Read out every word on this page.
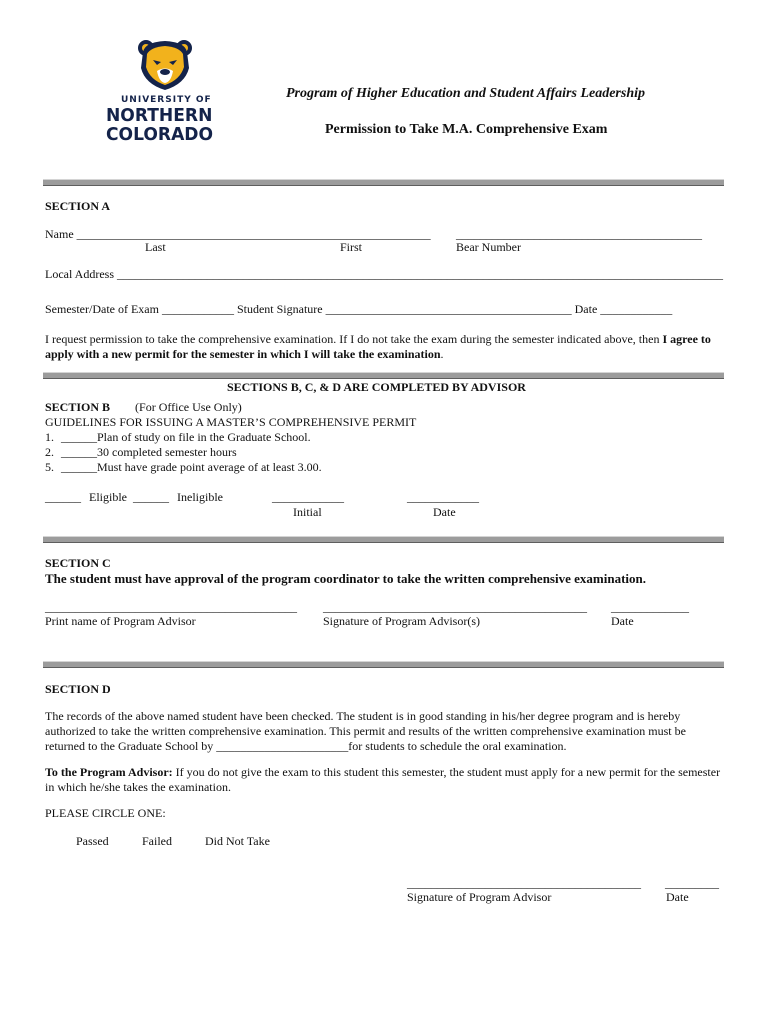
UNIVERSITY OF
NORTHERN
COLORADO
Program of Higher Education and Student Affairs Leadership
Permission to Take M.A. Comprehensive Exam
SECTION A
Name ___________________________________________________________ _________________________________________
Last	First	Bear Number
Local Address _____________________________________________________________________________________________________
Semester/Date of Exam ____________ Student Signature _________________________________________ Date ____________
I request permission to take the comprehensive examination. If I do not take the exam during the semester indicated above, then I agree to apply with a new permit for the semester in which I will take the examination.
SECTIONS B, C, & D ARE COMPLETED BY ADVISOR
SECTION B (For Office Use Only)
GUIDELINES FOR ISSUING A MASTER’S COMPREHENSIVE PERMIT
1. ______Plan of study on file in the Graduate School.
2. ______30 completed semester hours
5. ______Must have grade point average of at least 3.00.
______ Eligible ______ Ineligible	____________
Initial
____________
Date
SECTION C
The student must have approval of the program coordinator to take the written comprehensive examination.
__________________________________________
Print name of Program Advisor
____________________________________________
Signature of Program Advisor(s)
_____________
Date
SECTION D
The records of the above named student have been checked. The student is in good standing in his/her degree program and is hereby authorized to take the written comprehensive examination. This permit and results of the written comprehensive examination must be returned to the Graduate School by ______________________for students to schedule the oral examination.
To the Program Advisor: If you do not give the exam to this student this semester, the student must apply for a new permit for the semester in which he/she takes the examination.
PLEASE CIRCLE ONE:
Passed	Failed	Did Not Take
_______________________________________
Signature of Program Advisor
_________
Date
